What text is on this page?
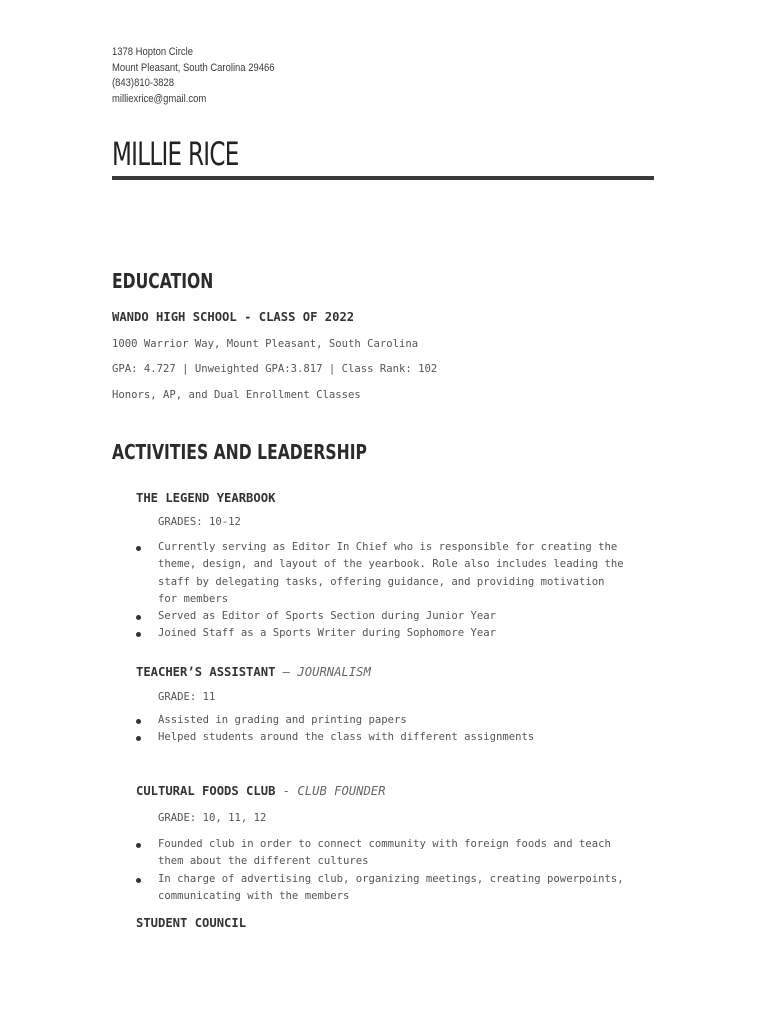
1378 Hopton Circle
Mount Pleasant, South Carolina 29466
(843)810-3828
milliexrice@gmail.com
MILLIE RICE
EDUCATION
WANDO HIGH SCHOOL - CLASS OF 2022
1000 Warrior Way, Mount Pleasant, South Carolina
GPA: 4.727 | Unweighted GPA:3.817 | Class Rank: 102
Honors, AP, and Dual Enrollment Classes
ACTIVITIES AND LEADERSHIP
THE LEGEND YEARBOOK
GRADES: 10-12
Currently serving as Editor In Chief who is responsible for creating the
theme, design, and layout of the yearbook. Role also includes leading the
staff by delegating tasks, offering guidance, and providing motivation
for members
Served as Editor of Sports Section during Junior Year
Joined Staff as a Sports Writer during Sophomore Year
TEACHER’S ASSISTANT — JOURNALISM
GRADE: 11
Assisted in grading and printing papers
Helped students around the class with different assignments
CULTURAL FOODS CLUB - CLUB FOUNDER
GRADE: 10, 11, 12
Founded club in order to connect community with foreign foods and teach
them about the different cultures
In charge of advertising club, organizing meetings, creating powerpoints,
communicating with the members
STUDENT COUNCIL
